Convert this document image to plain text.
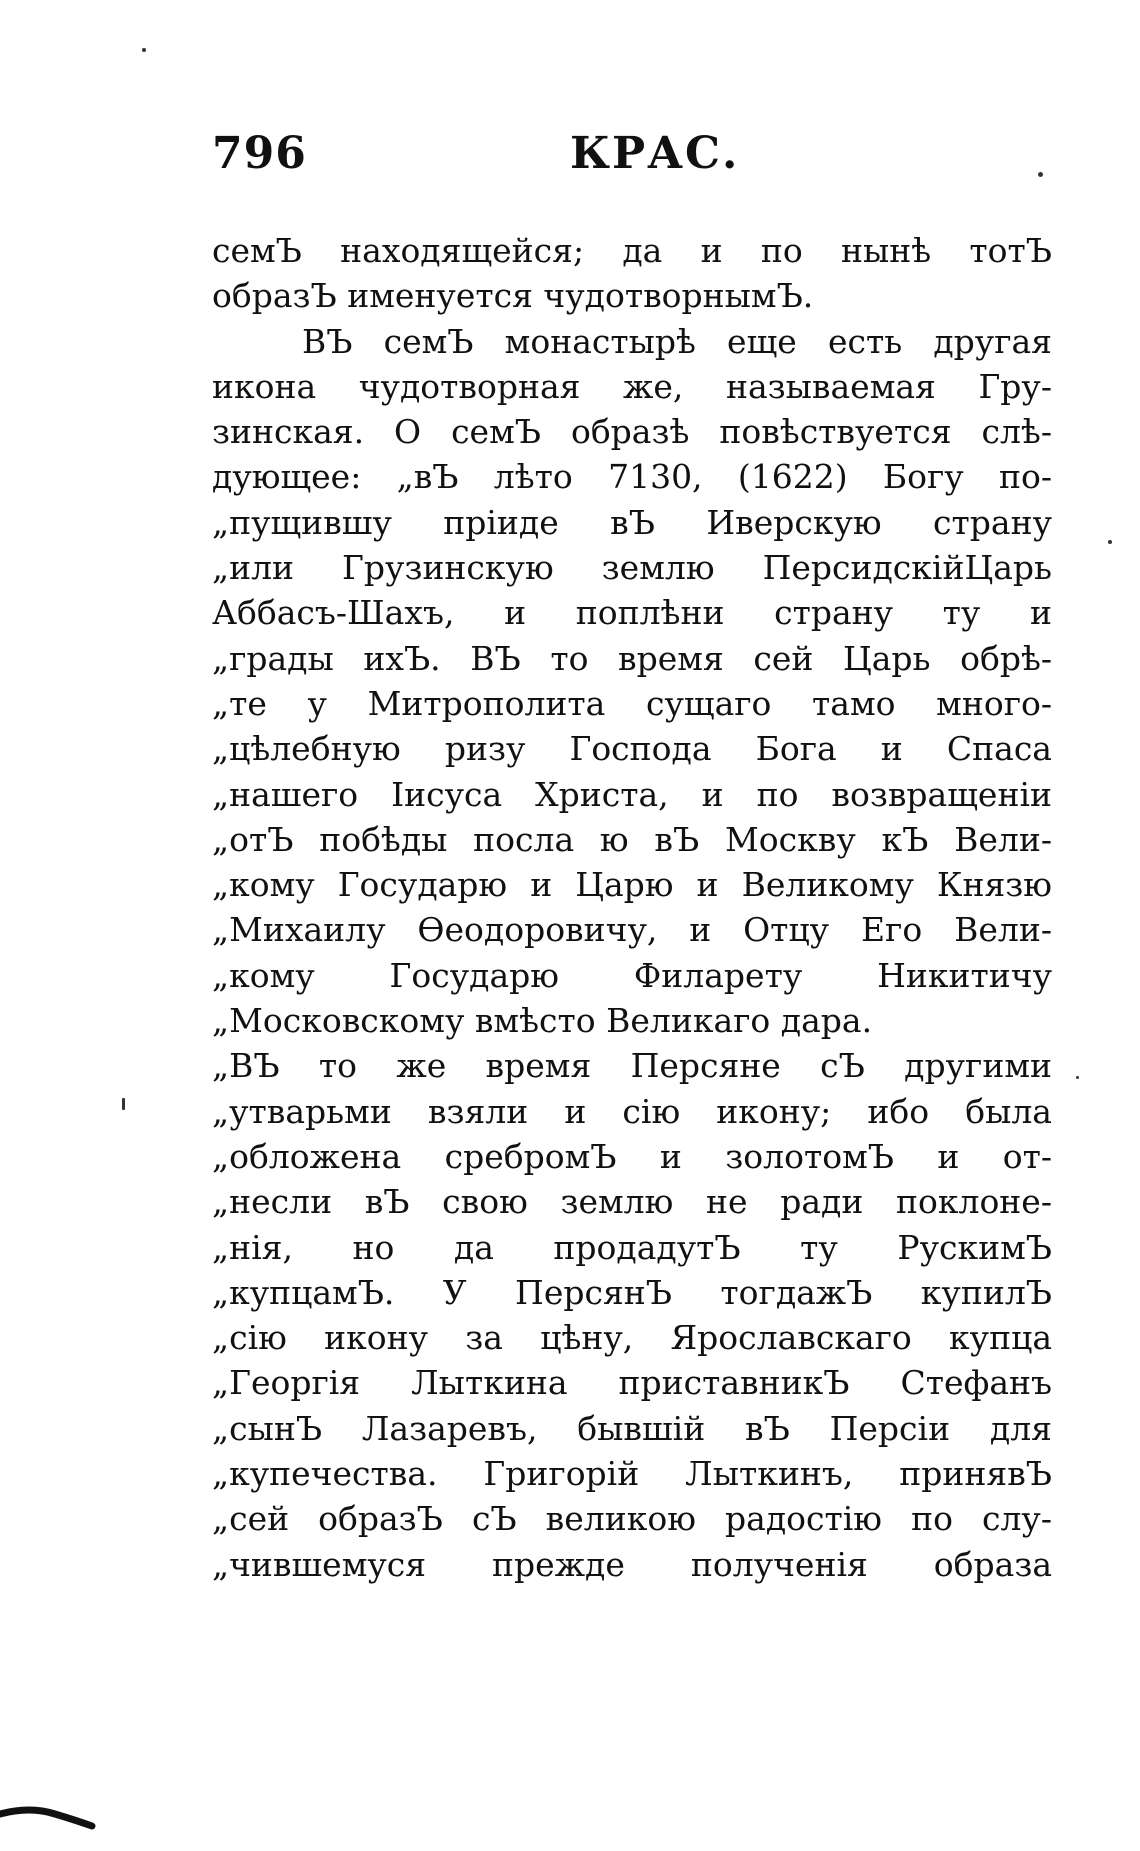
796	КРАС.
семЪ находящейся; да и по нынѣ тотЪ
образЪ именуется чудотворнымЪ.
ВЪ семЪ монастырѣ еще есть другая
икона чудотворная же, называемая Гру-
зинская. О семЪ образѣ повѣствуется слѣ-
дующее: „вЪ лѣто 7130, (1622) Богу по-
„пущившу пріиде вЪ Иверскую страну
„или Грузинскую землю ПерсидскійЦарь
Аббасъ-Шахъ, и поплѣни страну ту и
„грады ихЪ. ВЪ то время сей Царь обрѣ-
„те у Митрополита сущаго тамо много-
„цѣлебную ризу Господа Бога и Спаса
„нашего Іисуса Христа, и по возвращеніи
„отЪ побѣды посла ю вЪ Москву кЪ Вели-
„кому Государю и Царю и Великому Князю
„Михаилу Ѳеодоровичу, и Отцу Его Вели-
„кому Государю Филарету Никитичу
„Московскому вмѣсто Великаго дара.
„ВЪ то же время Персяне сЪ другими
„утварьми взяли и сію икону; ибо была
„обложена сребромЪ и золотомЪ и от-
„несли вЪ свою землю не ради поклоне-
„нія, но да продадутЪ ту РускимЪ
„купцамЪ. У ПерсянЪ тогдажЪ купилЪ
„сію икону за цѣну, Ярославскаго купца
„Георгія Лыткина приставникЪ Стефанъ
„сынЪ Лазаревъ, бывшій вЪ Персіи для
„купечества. Григорій Лыткинъ, принявЪ
„сей образЪ сЪ великою радостію по слу-
„чившемуся прежде полученія образа
